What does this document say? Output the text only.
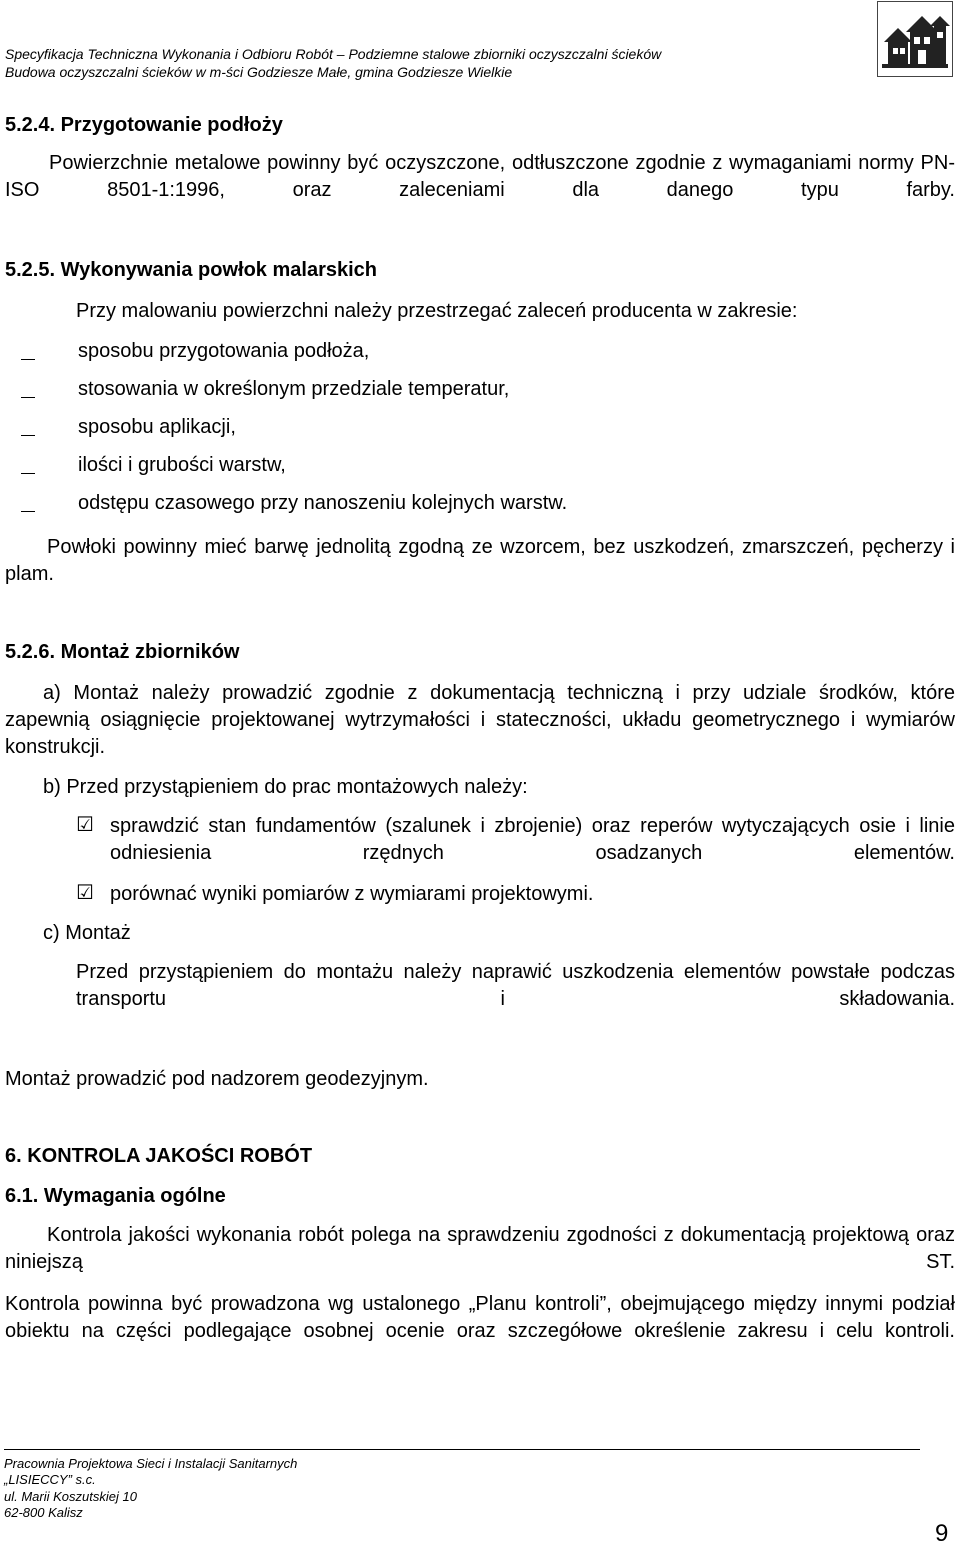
Specyfikacja Techniczna Wykonania i Odbioru Robót – Podziemne stalowe zbiorniki oczyszczalni ścieków
Budowa oczyszczalni ścieków w m-ści Godziesze Małe, gmina Godziesze Wielkie
5.2.4. Przygotowanie podłoży
Powierzchnie metalowe powinny być oczyszczone, odtłuszczone zgodnie z wymaganiami normy PN-ISO 8501-1:1996, oraz zaleceniami dla danego typu farby.
5.2.5. Wykonywania powłok malarskich
Przy malowaniu powierzchni należy przestrzegać zaleceń producenta w zakresie:
sposobu przygotowania podłoża,
stosowania w określonym przedziale temperatur,
sposobu aplikacji,
ilości i grubości warstw,
odstępu czasowego przy nanoszeniu kolejnych warstw.
Powłoki powinny mieć barwę jednolitą zgodną ze wzorcem, bez uszkodzeń, zmarszczeń, pęcherzy i plam.
5.2.6. Montaż zbiorników
a) Montaż należy prowadzić zgodnie z dokumentacją techniczną i przy udziale środków, które zapewnią osiągnięcie projektowanej wytrzymałości i stateczności, układu geometrycznego i wymiarów konstrukcji.
b) Przed przystąpieniem do prac montażowych należy:
☑ sprawdzić stan fundamentów (szalunek i zbrojenie) oraz reperów wytyczających osie i linie odniesienia rzędnych osadzanych elementów.
☑ porównać wyniki pomiarów z wymiarami projektowymi.
c) Montaż
Przed przystąpieniem do montażu należy naprawić uszkodzenia elementów powstałe podczas transportu i składowania.
Montaż prowadzić pod nadzorem geodezyjnym.
6. KONTROLA JAKOŚCI ROBÓT
6.1. Wymagania ogólne
Kontrola jakości wykonania robót polega na sprawdzeniu zgodności z dokumentacją projektową oraz niniejszą ST.
Kontrola powinna być prowadzona wg ustalonego „Planu kontroli”, obejmującego między innymi podział obiektu na części podlegające osobnej ocenie oraz szczegółowe określenie zakresu i celu kontroli.
Pracownia Projektowa Sieci i Instalacji Sanitarnych
„LISIECCY” s.c.
ul. Marii Koszutskiej 10
62-800 Kalisz
9
